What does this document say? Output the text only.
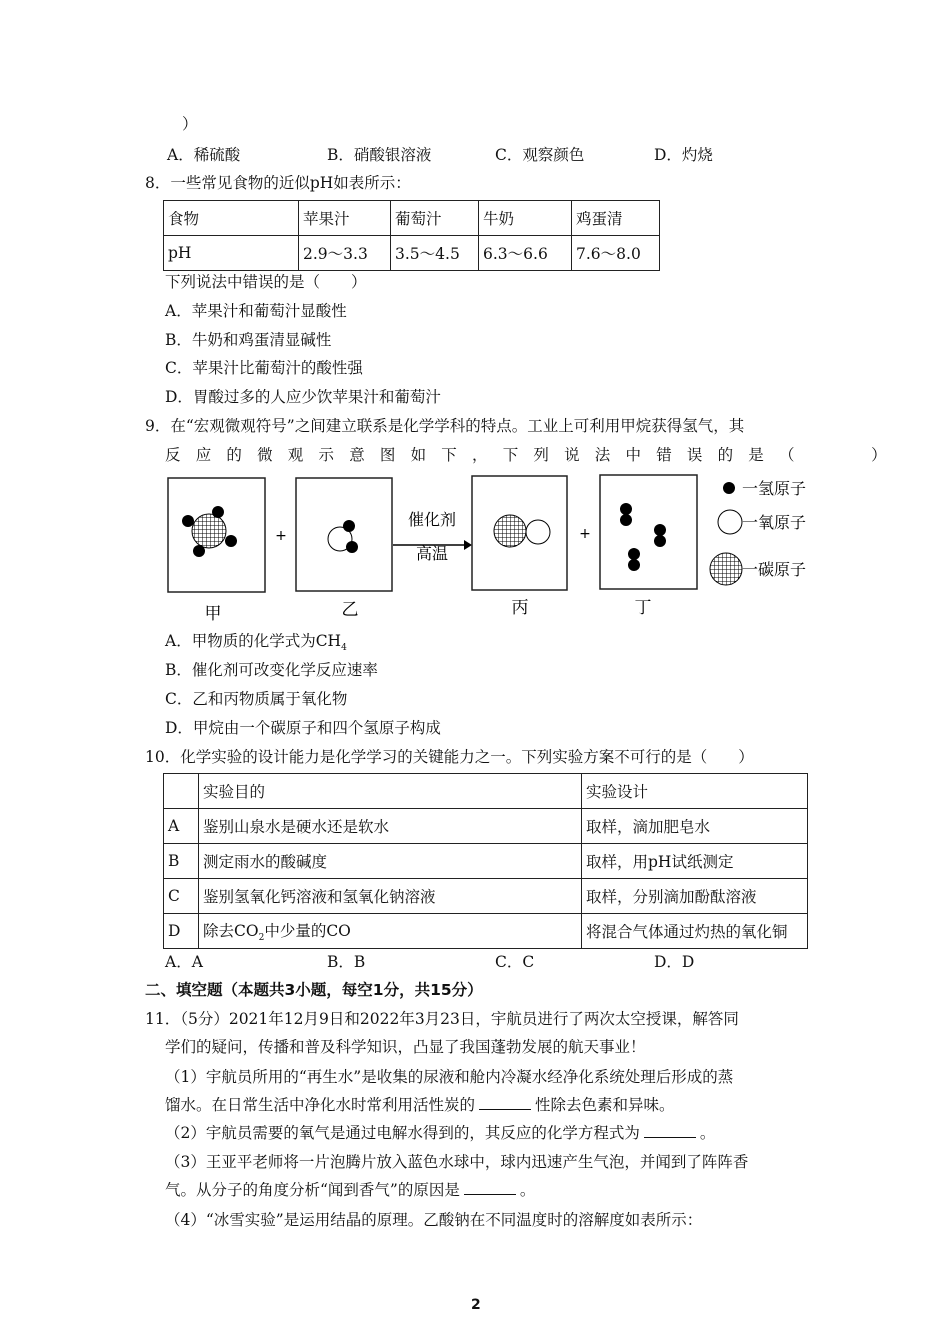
）
A．稀硫酸	B．硝酸银溶液	C．观察颜色	D．灼烧
8．一些常见食物的近似pH如表所示：
食物	苹果汁	葡萄汁	牛奶	鸡蛋清
pH	2.9～3.3	3.5～4.5	6.3～6.6	7.6～8.0
下列说法中错误的是（　　）
A．苹果汁和葡萄汁显酸性
B．牛奶和鸡蛋清显碱性
C．苹果汁比葡萄汁的酸性强
D．胃酸过多的人应少饮苹果汁和葡萄汁
9．在“宏观微观符号”之间建立联系是化学学科的特点。工业上可利用甲烷获得氢气，其
反应的微观示意图如下，下列说法中错误的是（　　）
+
催化剂
高温
+
一氢原子
一氧原子
一碳原子
甲	乙	丙	丁
A．甲物质的化学式为$CH_4$
B．催化剂可改变化学反应速率
C．乙和丙物质属于氧化物
D．甲烷由一个碳原子和四个氢原子构成
10．化学实验的设计能力是化学学习的关键能力之一。下列实验方案不可行的是（　　）
	实验目的	实验设计
A	鉴别山泉水是硬水还是软水	取样，滴加肥皂水
B	测定雨水的酸碱度	取样，用pH试纸测定
C	鉴别氢氧化钙溶液和氢氧化钠溶液	取样，分别滴加酚酞溶液
D	除去$CO_2$中少量的CO	将混合气体通过灼热的氧化铜
A．A	B．B	C．C	D．D
二、填空题（本题共3小题，每空1分，共15分）
11．（5分）2021年12月9日和2022年3月23日，宇航员进行了两次太空授课，解答同
学们的疑问，传播和普及科学知识，凸显了我国蓬勃发展的航天事业！
（1）宇航员所用的“再生水”是收集的尿液和舱内冷凝水经净化系统处理后形成的蒸
馏水。在日常生活中净化水时常利用活性炭的	性除去色素和异味。
（2）宇航员需要的氧气是通过电解水得到的，其反应的化学方程式为	。
（3）王亚平老师将一片泡腾片放入蓝色水球中，球内迅速产生气泡，并闻到了阵阵香
气。从分子的角度分析“闻到香气”的原因是	。
（4）“冰雪实验”是运用结晶的原理。乙酸钠在不同温度时的溶解度如表所示：
2
